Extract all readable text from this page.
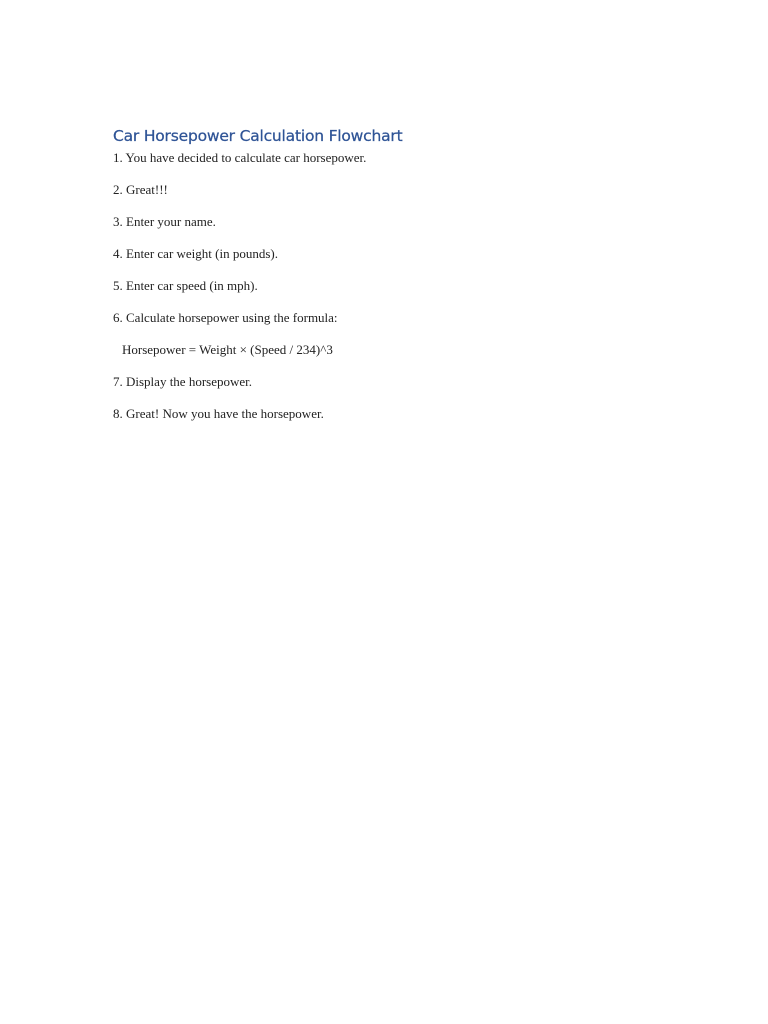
Car Horsepower Calculation Flowchart
1. You have decided to calculate car horsepower.
2. Great!!!
3. Enter your name.
4. Enter car weight (in pounds).
5. Enter car speed (in mph).
6. Calculate horsepower using the formula:
Horsepower = Weight × (Speed / 234)^3
7. Display the horsepower.
8. Great! Now you have the horsepower.
